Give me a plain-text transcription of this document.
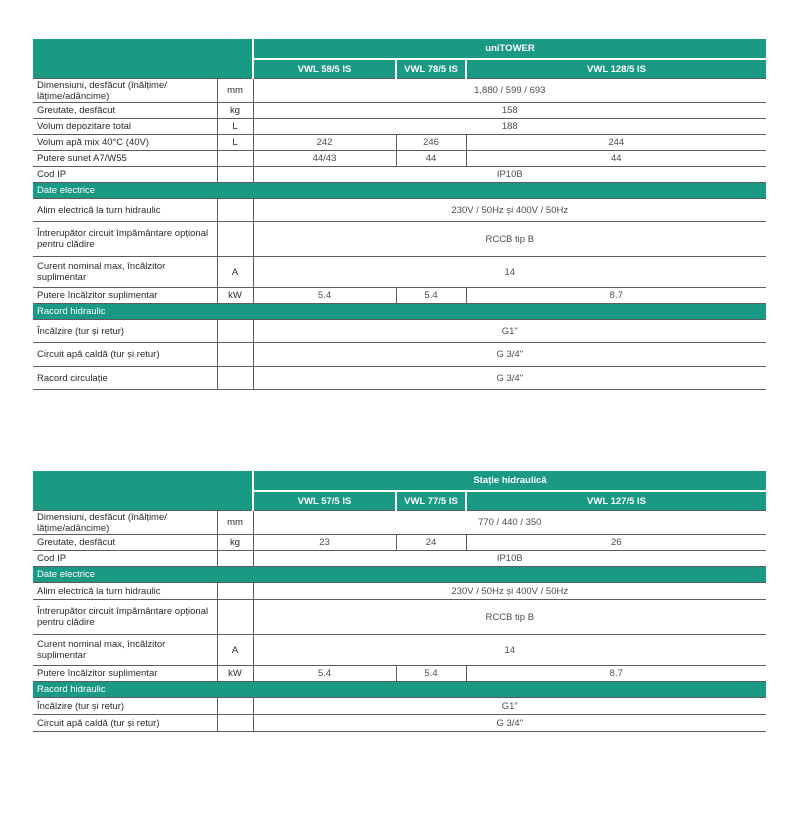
		uniTOWER		
		VWL 58/5 IS	VWL 78/5 IS	VWL 128/5 IS
Dimensiuni, desfăcut (înălțime/ lățime/adâncime)	mm	1,880 / 599 / 693		
Greutate, desfăcut	kg	158		
Volum depozitare total	L	188		
Volum apă mix 40°C (40V)	L	242	246	244
Putere sunet A7/W55		44/43	44	44
Cod IP		IP10B		
Date electrice				
Alim electrică la turn hidraulic		230V / 50Hz și 400V / 50Hz		
Întrerupător circuit împământare opțional pentru clădire		RCCB tip B		
Curent nominal max, încălzitor suplimentar	A	14		
Putere încălzitor suplimentar	kW	5.4	5.4	8.7
Racord hidraulic				
Încălzire (tur și retur)		G1"		
Circuit apă caldă (tur și retur)		G 3/4"		
Racord circulație		G 3/4"		
		Stație hidraulică		
		VWL 57/5 IS	VWL 77/5 IS	VWL 127/5 IS
Dimensiuni, desfăcut (înălțime/ lățime/adâncime)	mm	770 / 440 / 350		
Greutate, desfăcut	kg	23	24	26
Cod IP		IP10B		
Date electrice				
Alim electrică la turn hidraulic		230V / 50Hz și 400V / 50Hz		
Întrerupător circuit împământare opțional pentru clădire		RCCB tip B		
Curent nominal max, încălzitor suplimentar	A	14		
Putere încălzitor suplimentar	kW	5.4	5.4	8.7
Racord hidraulic				
Încălzire (tur și retur)		G1"		
Circuit apă caldă (tur și retur)		G 3/4"		
